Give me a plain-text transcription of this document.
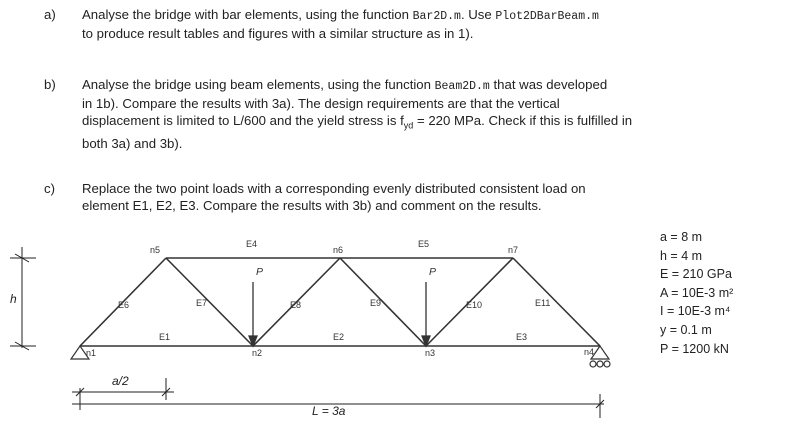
a) Analyse the bridge with bar elements, using the function Bar2D.m. Use Plot2DBarBeam.m
to produce result tables and figures with a similar structure as in 1).
b) Analyse the bridge using beam elements, using the function Beam2D.m that was developed
in 1b). Compare the results with 3a). The design requirements are that the vertical
displacement is limited to L/600 and the yield stress is $f_{yd} = 220$ MPa. Check if this is fulfilled in
both 3a) and 3b).
c) Replace the two point loads with a corresponding evenly distributed consistent load on
element E1, E2, E3. Compare the results with 3b) and comment on the results.
n5	n6	n7
n1	n2	n3	n4
E4	E5
E1	E2	E3
E6	E7	E8	E9	E10	E11
P	P
h
a/2
L = 3a
a = 8 m
h = 4 m
E = 210 GPa
A = 10E-3 m²
I = 10E-3 m⁴
y = 0.1 m
P = 1200 kN
